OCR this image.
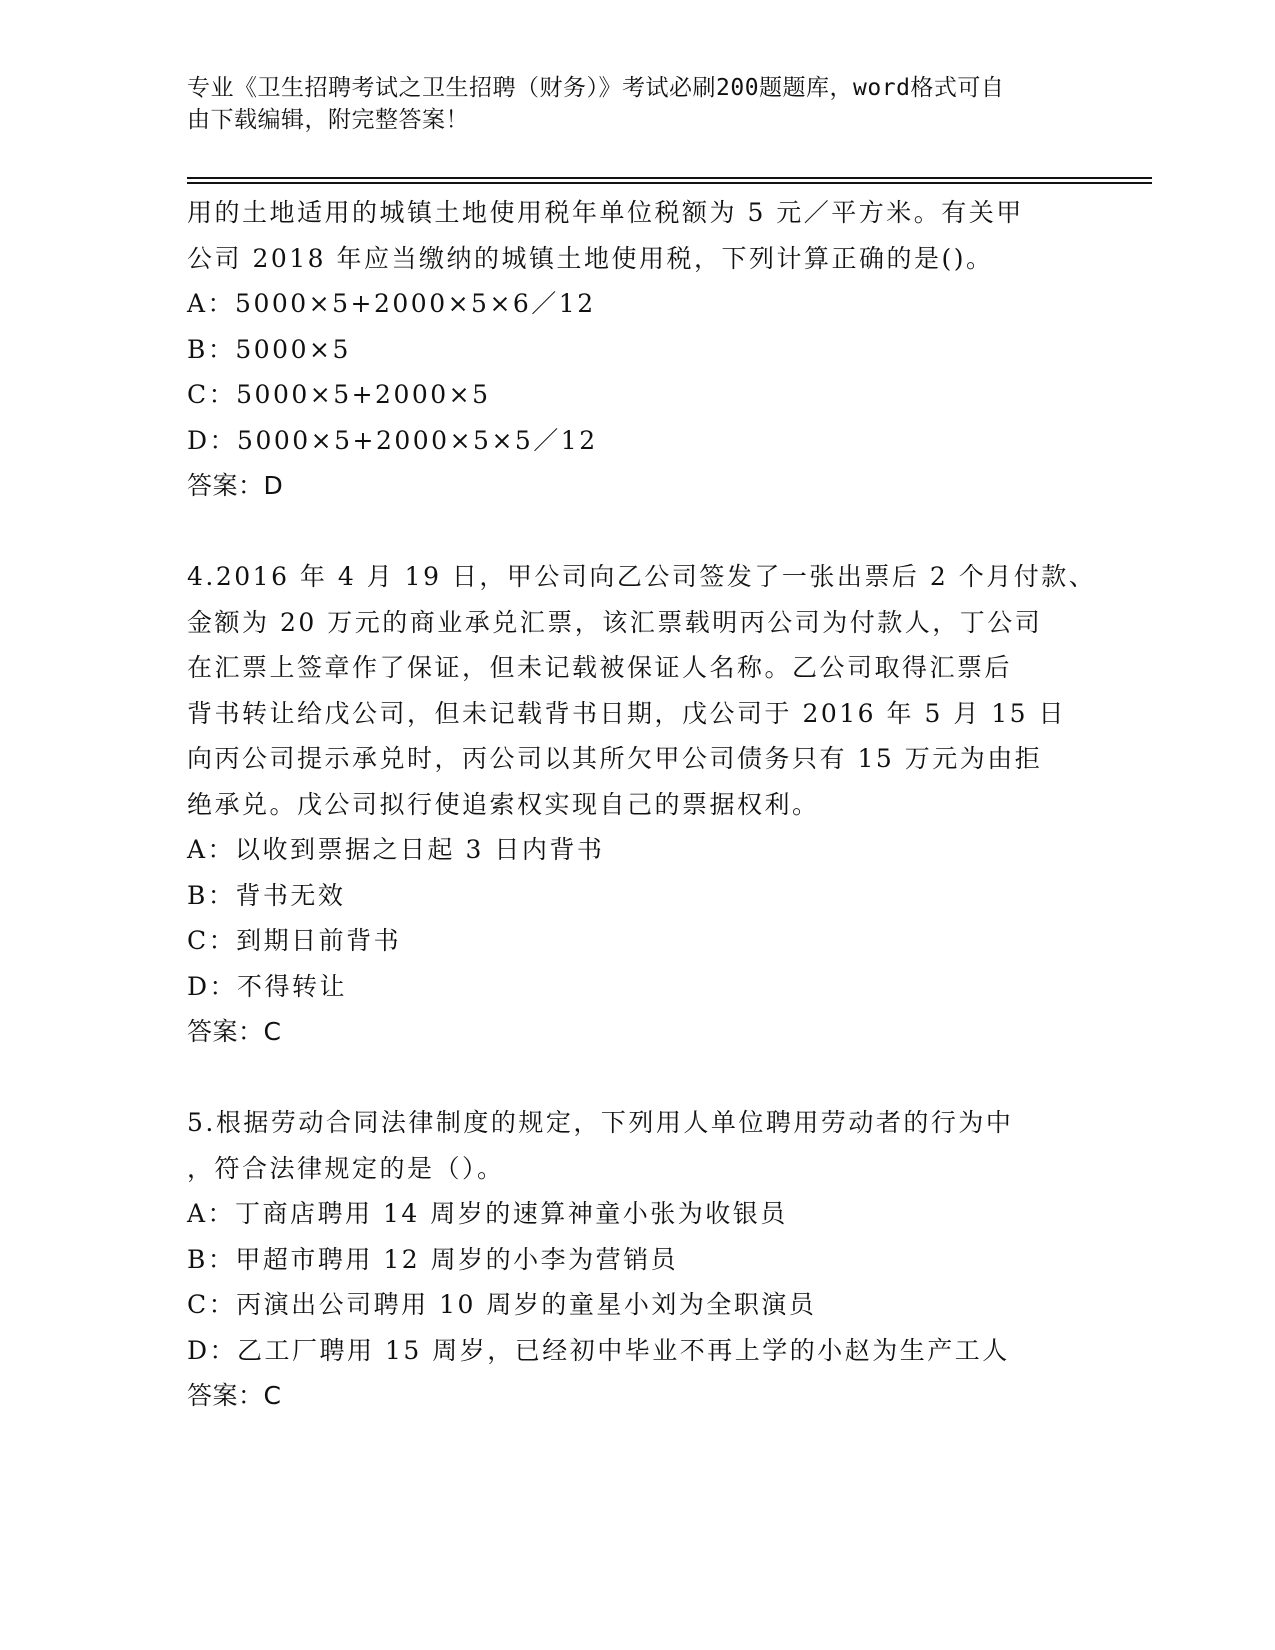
专业《卫生招聘考试之卫生招聘（财务）》考试必刷200题题库，word格式可自
由下载编辑，附完整答案！
用的土地适用的城镇土地使用税年单位税额为 5 元／平方米。有关甲
公司 2018 年应当缴纳的城镇土地使用税，下列计算正确的是()。
A：5000×5+2000×5×6／12
B：5000×5
C：5000×5+2000×5
D：5000×5+2000×5×5／12
答案：D
4.2016 年 4 月 19 日，甲公司向乙公司签发了一张出票后 2 个月付款、
金额为 20 万元的商业承兑汇票，该汇票载明丙公司为付款人，丁公司
在汇票上签章作了保证，但未记载被保证人名称。乙公司取得汇票后
背书转让给戊公司，但未记载背书日期，戊公司于 2016 年 5 月 15 日
向丙公司提示承兑时，丙公司以其所欠甲公司债务只有 15 万元为由拒
绝承兑。戊公司拟行使追索权实现自己的票据权利。
A：以收到票据之日起 3 日内背书
B：背书无效
C：到期日前背书
D：不得转让
答案：C
5.根据劳动合同法律制度的规定，下列用人单位聘用劳动者的行为中
，符合法律规定的是（）。
A：丁商店聘用 14 周岁的速算神童小张为收银员
B：甲超市聘用 12 周岁的小李为营销员
C：丙演出公司聘用 10 周岁的童星小刘为全职演员
D：乙工厂聘用 15 周岁，已经初中毕业不再上学的小赵为生产工人
答案：C
